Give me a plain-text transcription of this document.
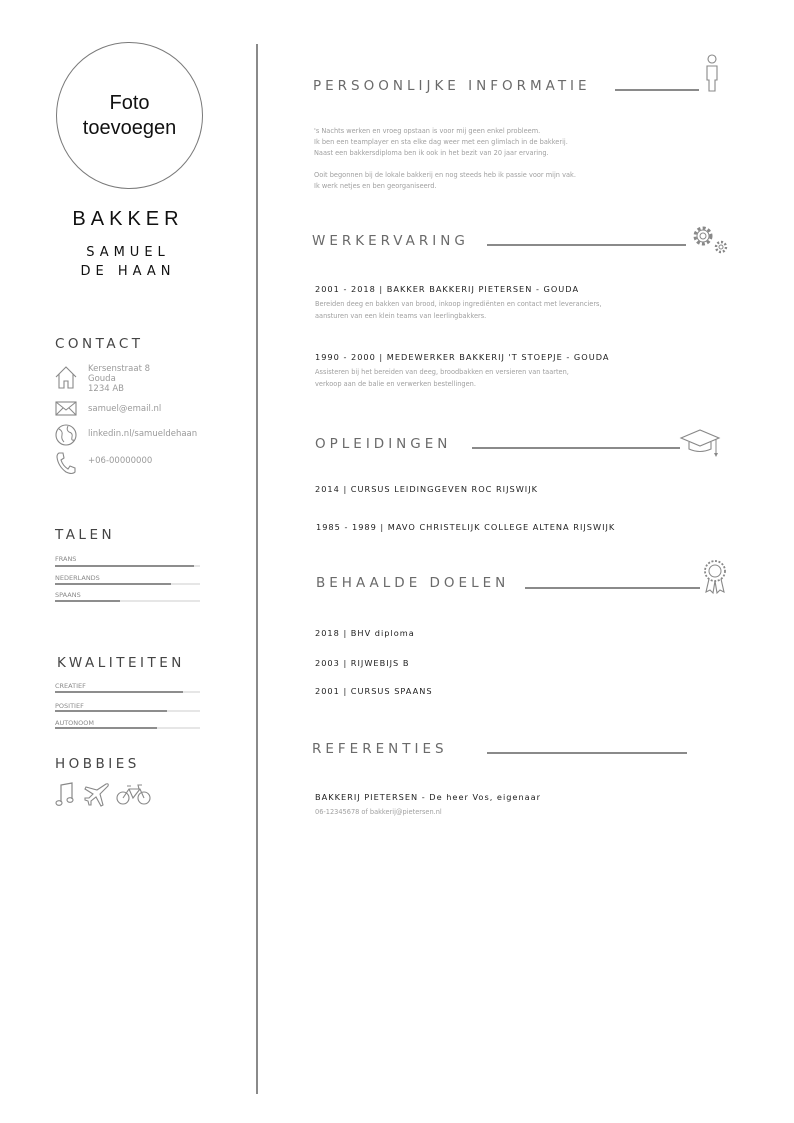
Foto toevoegen
BAKKER
SAMUEL
DE HAAN
CONTACT
Kersenstraat 8
Gouda
1234 AB
samuel@email.nl
linkedin.nl/samueldehaan
+06-00000000
TALEN
FRANS
NEDERLANDS
SPAANS
KWALITEITEN
CREATIEF
POSITIEF
AUTONOOM
HOBBIES
PERSOONLIJKE INFORMATIE
's Nachts werken en vroeg opstaan is voor mij geen enkel probleem.
Ik ben een teamplayer en sta elke dag weer met een glimlach in de bakkerij.
Naast een bakkersdiploma ben ik ook in het bezit van 20 jaar ervaring.
Ooit begonnen bij de lokale bakkerij en nog steeds heb ik passie voor mijn vak.
Ik werk netjes en ben georganiseerd.
WERKERVARING
2001 - 2018 | BAKKER BAKKERIJ PIETERSEN - GOUDA
Bereiden deeg en bakken van brood, inkoop ingrediënten en contact met leveranciers,
aansturen van een klein teams van leerlingbakkers.
1990 - 2000 | MEDEWERKER BAKKERIJ 'T STOEPJE - GOUDA
Assisteren bij het bereiden van deeg, broodbakken en versieren van taarten,
verkoop aan de balie en verwerken bestellingen.
OPLEIDINGEN
2014 | CURSUS LEIDINGGEVEN ROC RIJSWIJK
1985 - 1989 | MAVO CHRISTELIJK COLLEGE ALTENA RIJSWIJK
BEHAALDE DOELEN
2018 | BHV diploma
2003 | RIJWEBIJS B
2001 | CURSUS SPAANS
REFERENTIES
BAKKERIJ PIETERSEN - De heer Vos, eigenaar
06-12345678 of bakkerij@pietersen.nl
